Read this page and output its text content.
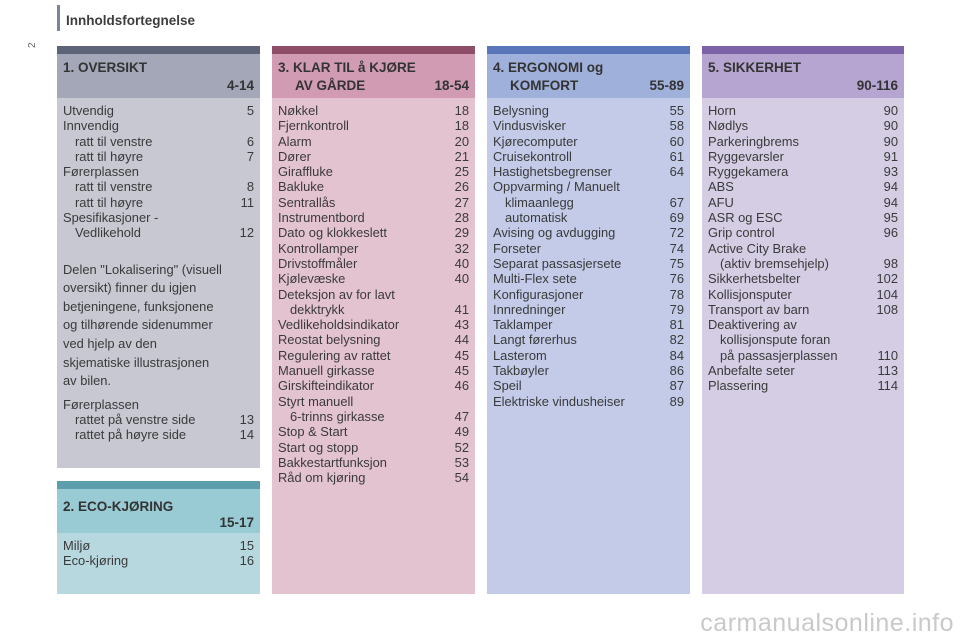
Innholdsfortegnelse
2
1. OVERSIKT
4-14
Utvendig	5
Innvendig
ratt til venstre	6
ratt til høyre	7
Førerplassen
ratt til venstre	8
ratt til høyre	11
Spesifikasjoner -
Vedlikehold	12
Delen "Lokalisering" (visuell
oversikt) finner du igjen
betjeningene, funksjonene
og tilhørende sidenummer
ved hjelp av den
skjematiske illustrasjonen
av bilen.
Førerplassen
rattet på venstre side	13
rattet på høyre side	14
2. ECO-KJØRING
15-17
Miljø	15
Eco-kjøring	16
3. KLAR TIL å KJØRE
AV GÅRDE	18-54
Nøkkel	18
Fjernkontroll	18
Alarm	20
Dører	21
Giraffluke	25
Bakluke	26
Sentrallås	27
Instrumentbord	28
Dato og klokkeslett	29
Kontrollamper	32
Drivstoffmåler	40
Kjølevæske	40
Deteksjon av for lavt
dekktrykk	41
Vedlikeholdsindikator	43
Reostat belysning	44
Regulering av rattet	45
Manuell girkasse	45
Girskifteindikator	46
Styrt manuell
6-trinns girkasse	47
Stop & Start	49
Start og stopp	52
Bakkestartfunksjon	53
Råd om kjøring	54
4. ERGONOMI og
KOMFORT	55-89
Belysning	55
Vindusvisker	58
Kjørecomputer	60
Cruisekontroll	61
Hastighetsbegrenser	64
Oppvarming / Manuelt
klimaanlegg	67
automatisk	69
Avising og avdugging	72
Forseter	74
Separat passasjersete	75
Multi-Flex sete	76
Konfigurasjoner	78
Innredninger	79
Taklamper	81
Langt førerhus	82
Lasterom	84
Takbøyler	86
Speil	87
Elektriske vindusheiser	89
5. SIKKERHET
90-116
Horn	90
Nødlys	90
Parkeringbrems	90
Ryggevarsler	91
Ryggekamera	93
ABS	94
AFU	94
ASR og ESC	95
Grip control	96
Active City Brake
(aktiv bremsehjelp)	98
Sikkerhetsbelter	102
Kollisjonsputer	104
Transport av barn	108
Deaktivering av
kollisjonspute foran
på passasjerplassen	110
Anbefalte seter	113
Plassering	114
carmanualsonline.info
